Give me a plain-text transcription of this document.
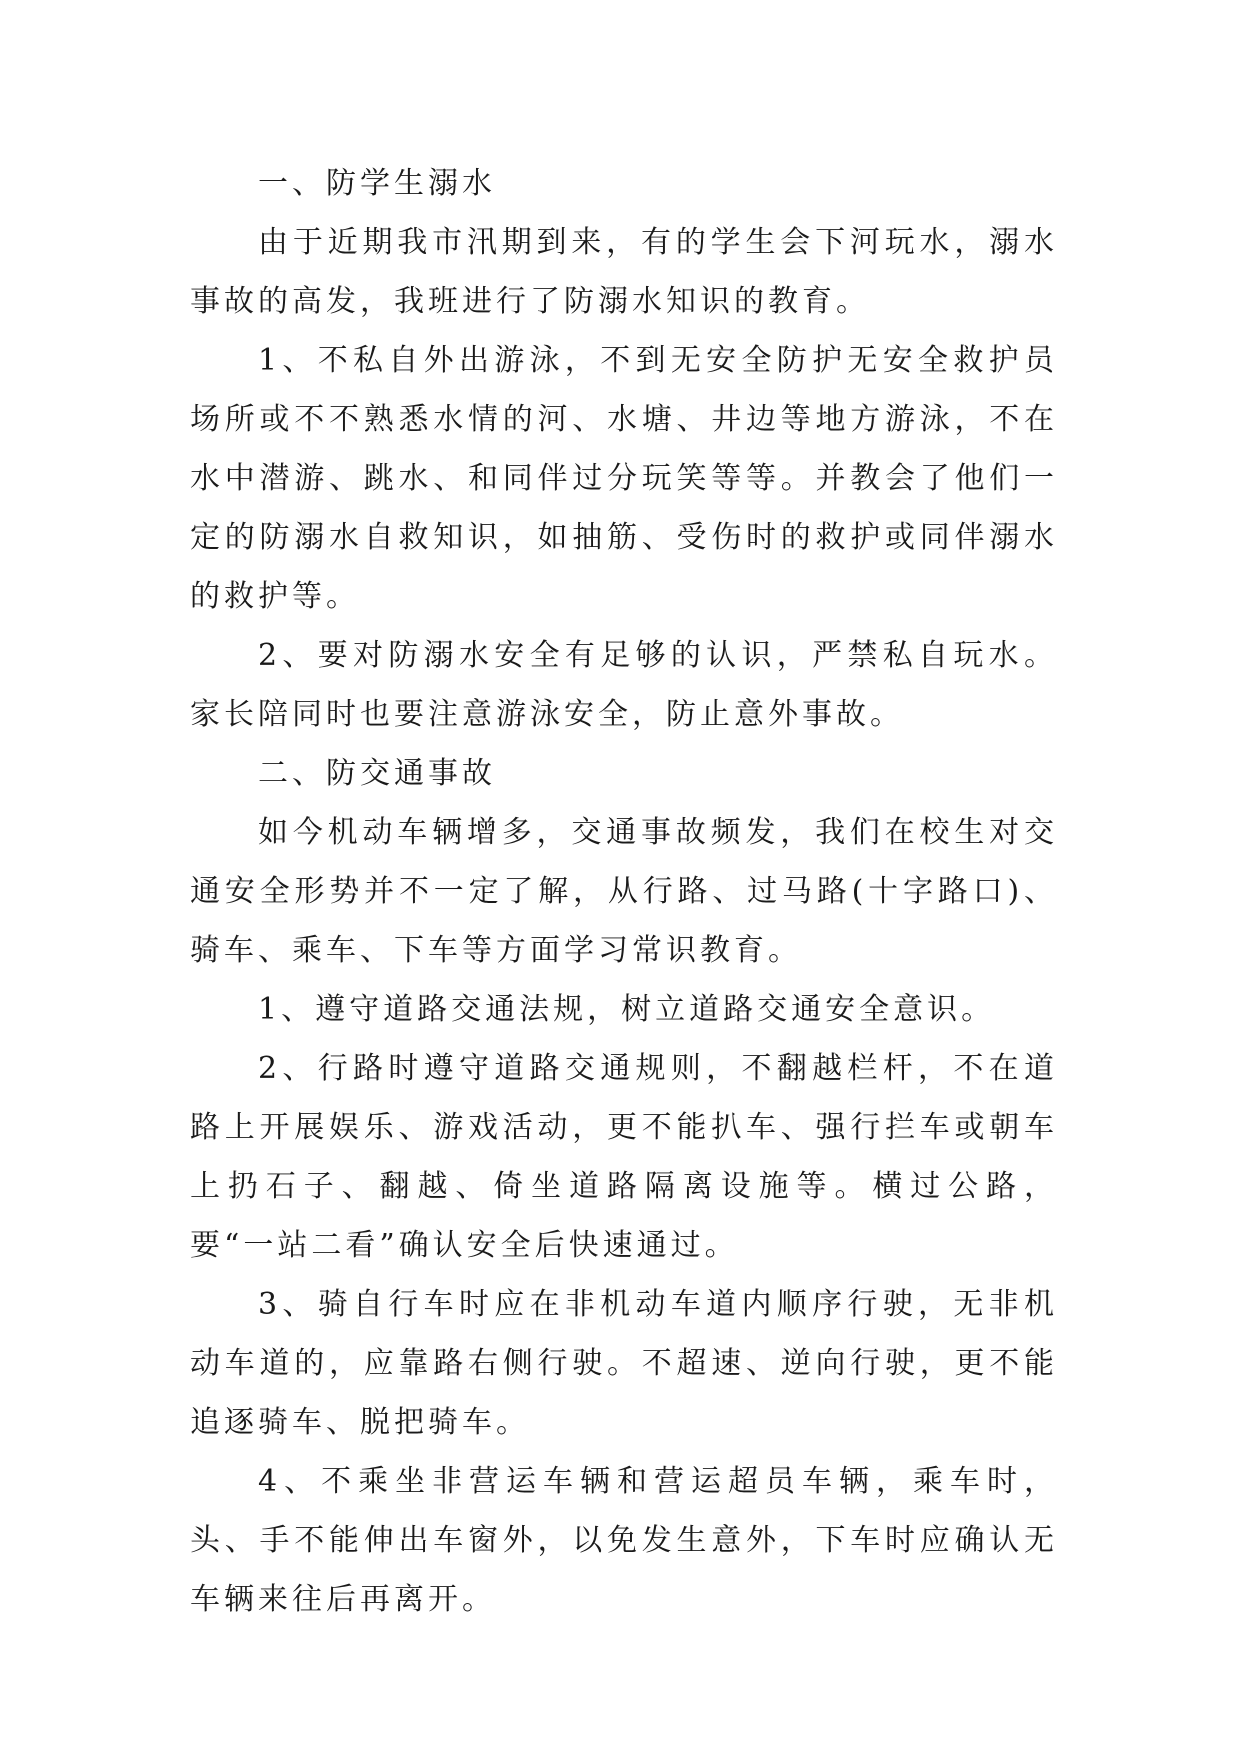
一、防学生溺水

由于近期我市汛期到来，有的学生会下河玩水，溺水事故的高发，我班进行了防溺水知识的教育。

1、不私自外出游泳，不到无安全防护无安全救护员场所或不不熟悉水情的河、水塘、井边等地方游泳，不在水中潜游、跳水、和同伴过分玩笑等等。并教会了他们一定的防溺水自救知识，如抽筋、受伤时的救护或同伴溺水的救护等。

2、要对防溺水安全有足够的认识，严禁私自玩水。家长陪同时也要注意游泳安全，防止意外事故。

二、防交通事故

如今机动车辆增多，交通事故频发，我们在校生对交通安全形势并不一定了解，从行路、过马路(十字路口)、骑车、乘车、下车等方面学习常识教育。

1、遵守道路交通法规，树立道路交通安全意识。

2、行路时遵守道路交通规则，不翻越栏杆，不在道路上开展娱乐、游戏活动，更不能扒车、强行拦车或朝车上扔石子、翻越、倚坐道路隔离设施等。横过公路，要“一站二看”确认安全后快速通过。

3、骑自行车时应在非机动车道内顺序行驶，无非机动车道的，应靠路右侧行驶。不超速、逆向行驶，更不能追逐骑车、脱把骑车。

4、不乘坐非营运车辆和营运超员车辆，乘车时，头、手不能伸出车窗外，以免发生意外，下车时应确认无车辆来往后再离开。
